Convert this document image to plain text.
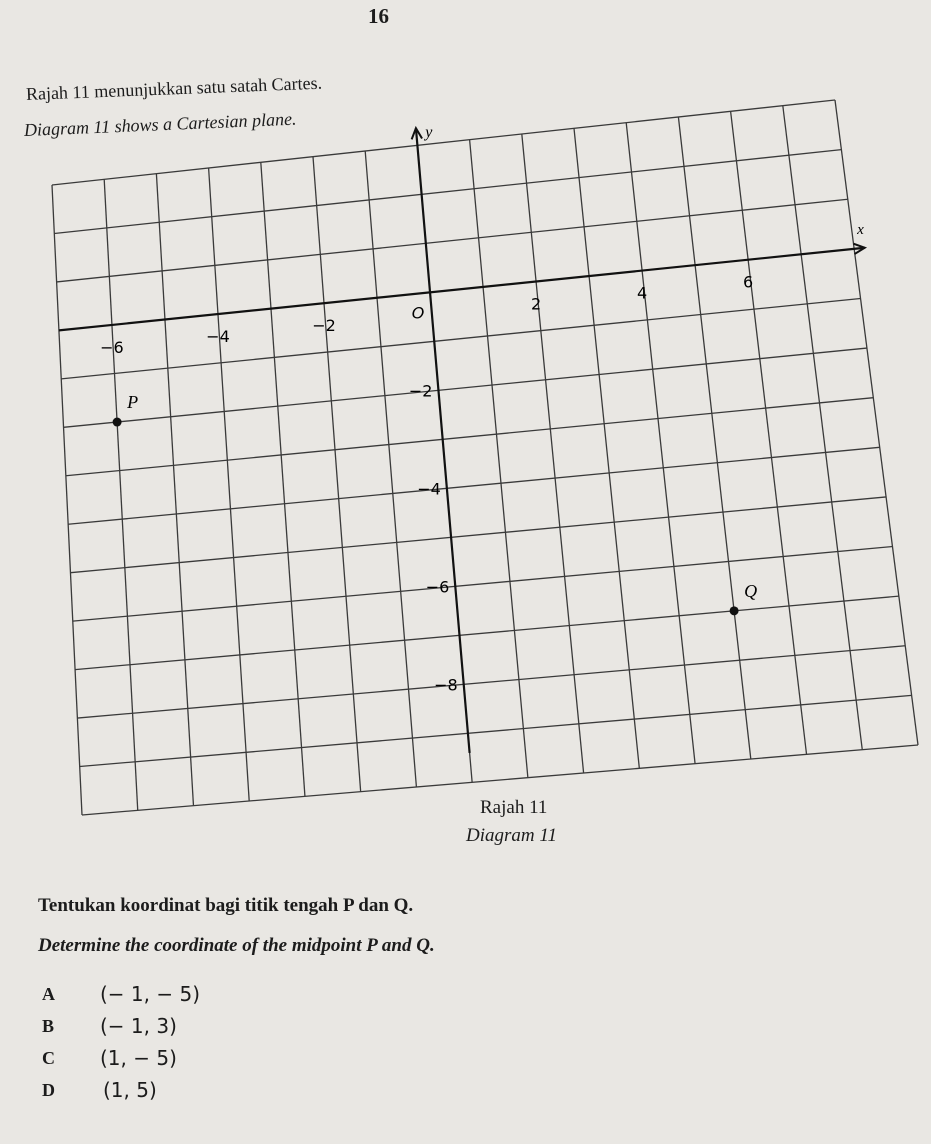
16
Rajah 11 menunjukkan satu satah Cartes.
Diagram 11 shows a Cartesian plane.
x
y
−6
−4
−2
2
4
6
O
−2
−4
−6
−8
P
Q
Rajah 11
Diagram 11
Tentukan koordinat bagi titik tengah P dan Q.
Determine the coordinate of the midpoint P and Q.
A	(− 1, − 5)
B	(− 1, 3)
C	(1, − 5)
D	(1, 5)
